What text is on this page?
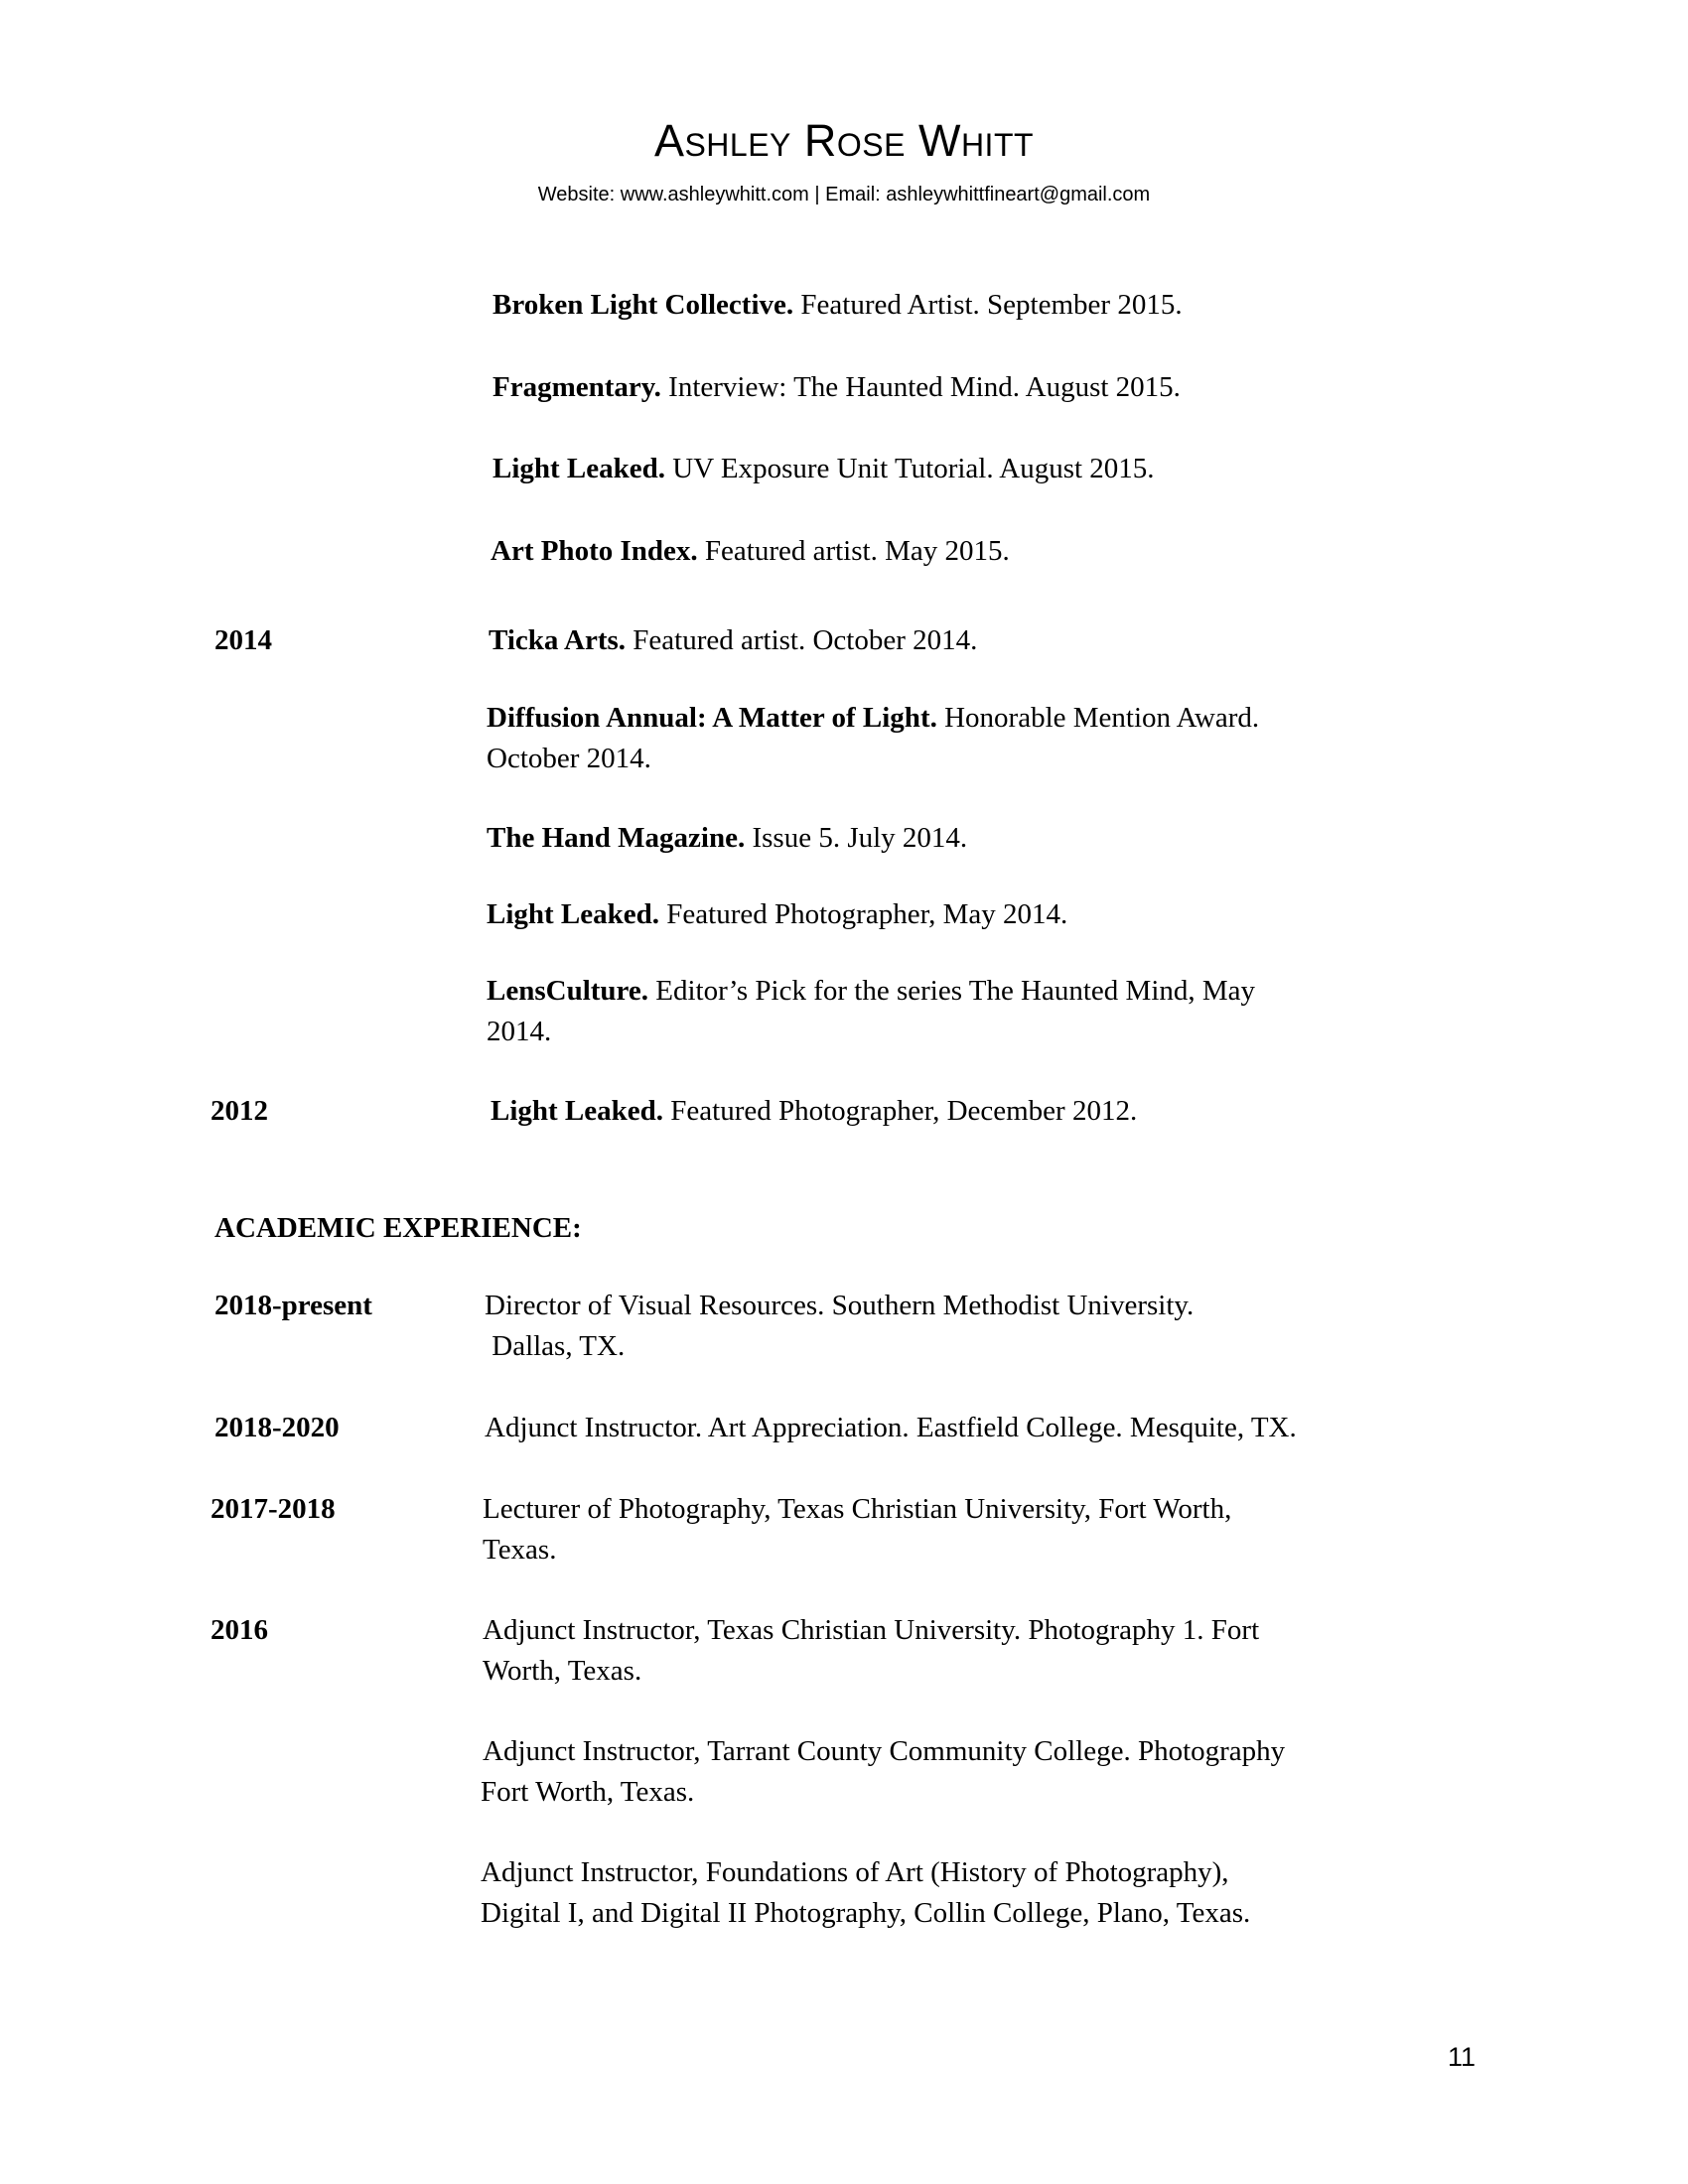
Ashley Rose Whitt
Website: www.ashleywhitt.com | Email: ashleywhittfineart@gmail.com
Broken Light Collective. Featured Artist. September 2015.
Fragmentary. Interview: The Haunted Mind. August 2015.
Light Leaked. UV Exposure Unit Tutorial. August 2015.
Art Photo Index. Featured artist. May 2015.
2014	Ticka Arts. Featured artist. October 2014.
Diffusion Annual: A Matter of Light. Honorable Mention Award.
October 2014.
The Hand Magazine. Issue 5. July 2014.
Light Leaked. Featured Photographer, May 2014.
LensCulture. Editor’s Pick for the series The Haunted Mind, May
2014.
2012	Light Leaked. Featured Photographer, December 2012.
ACADEMIC EXPERIENCE:
2018-present	Director of Visual Resources. Southern Methodist University.
Dallas, TX.
2018-2020	Adjunct Instructor. Art Appreciation. Eastfield College. Mesquite, TX.
2017-2018	Lecturer of Photography, Texas Christian University, Fort Worth,
Texas.
2016	Adjunct Instructor, Texas Christian University. Photography 1. Fort
Worth, Texas.
Adjunct Instructor, Tarrant County Community College. Photography
Fort Worth, Texas.
Adjunct Instructor, Foundations of Art (History of Photography),
Digital I, and Digital II Photography, Collin College, Plano, Texas.
11
